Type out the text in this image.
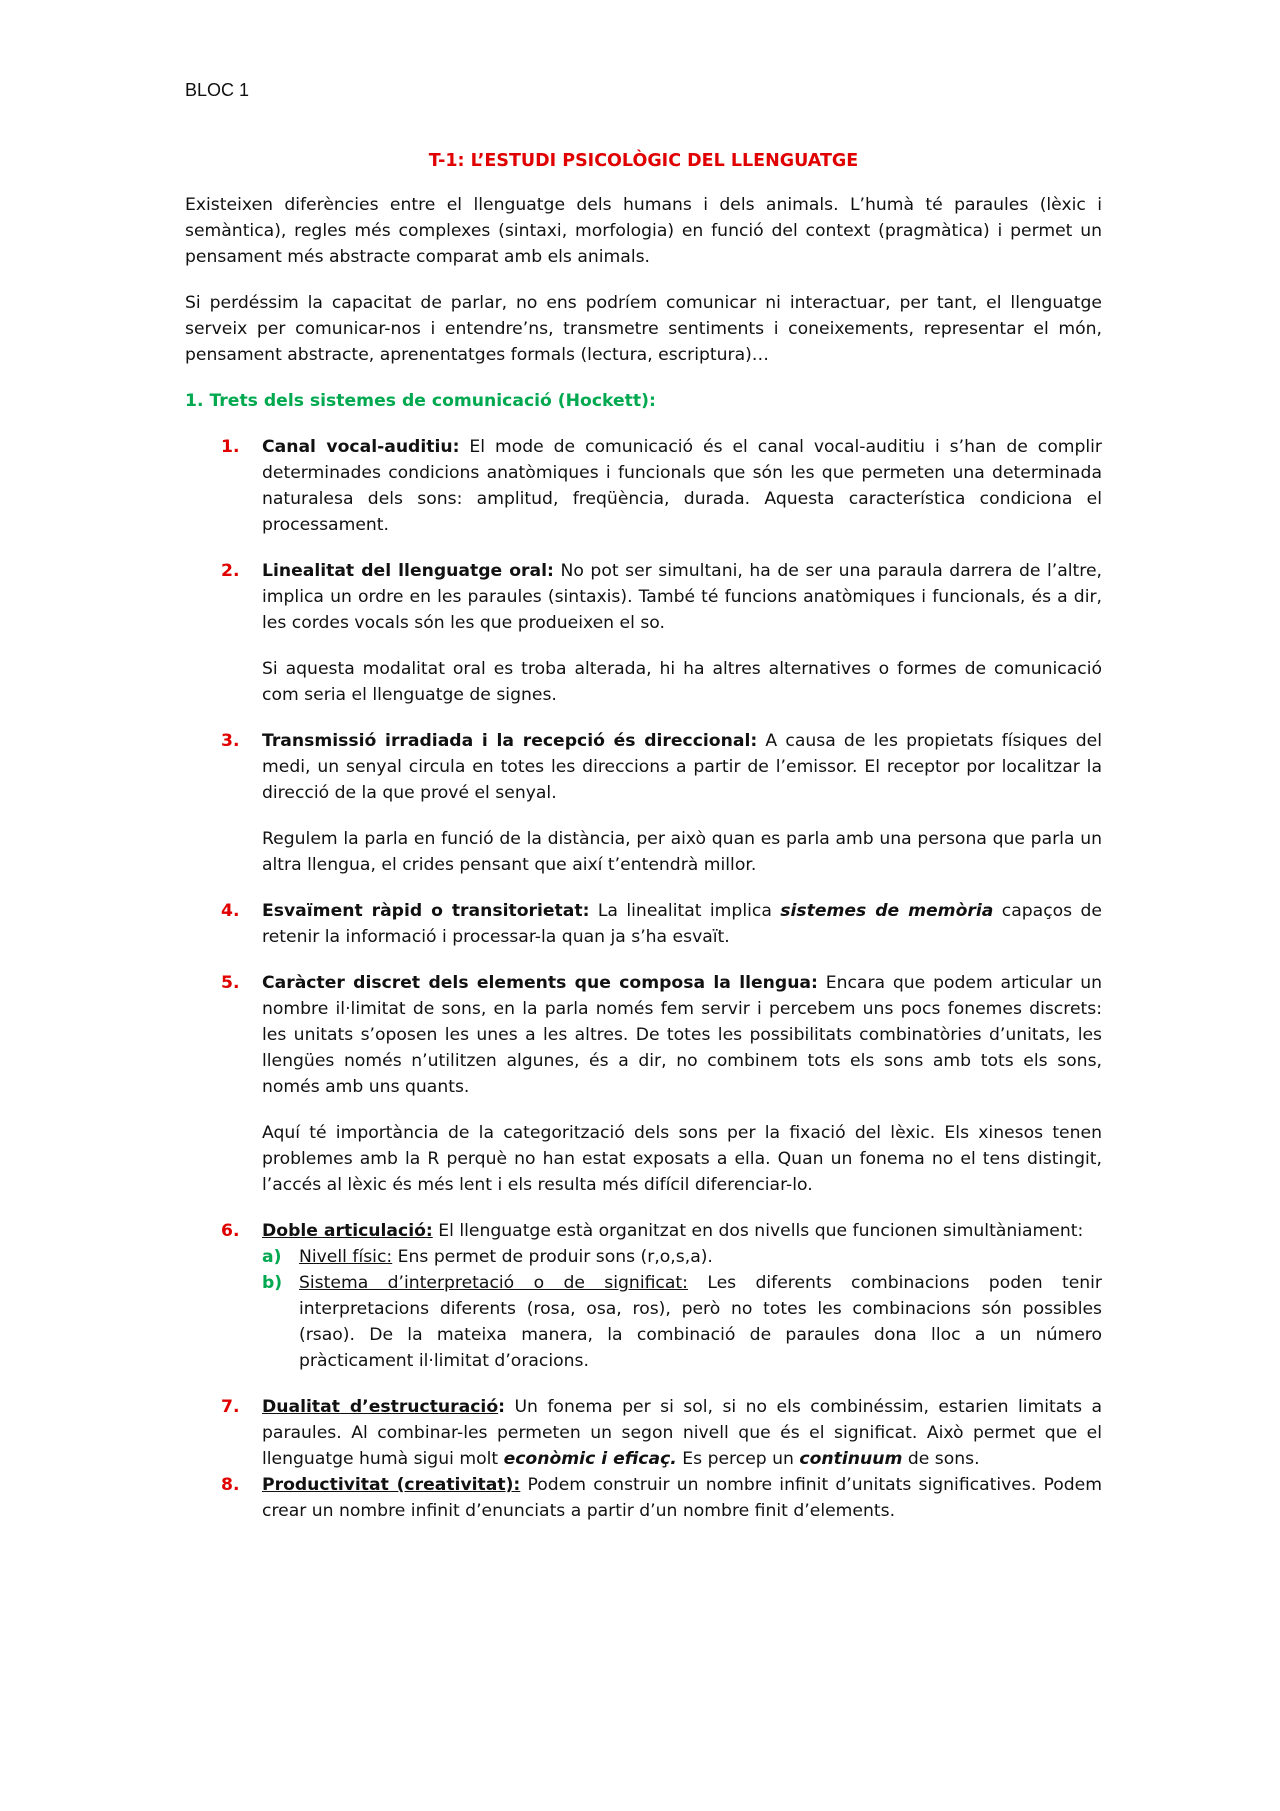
BLOC 1
T-1: L’ESTUDI PSICOLÒGIC DEL LLENGUATGE

Existeixen diferències entre el llenguatge dels humans i dels animals. L’humà té paraules (lèxic i semàntica), regles més complexes (sintaxi, morfologia) en funció del context (pragmàtica) i permet un pensament més abstracte comparat amb els animals.

Si perdéssim la capacitat de parlar, no ens podríem comunicar ni interactuar, per tant, el llenguatge serveix per comunicar-nos i entendre’ns, transmetre sentiments i coneixements, representar el món, pensament abstracte, aprenentatges formals (lectura, escriptura)…

1. Trets dels sistemes de comunicació (Hockett):
1. Canal vocal-auditiu: El mode de comunicació és el canal vocal-auditiu i s’han de complir determinades condicions anatòmiques i funcionals que són les que permeten una determinada naturalesa dels sons: amplitud, freqüència, durada. Aquesta característica condiciona el processament.

2. Linealitat del llenguatge oral: No pot ser simultani, ha de ser una paraula darrera de l’altre, implica un ordre en les paraules (sintaxis). També té funcions anatòmiques i funcionals, és a dir, les cordes vocals són les que produeixen el so.

Si aquesta modalitat oral es troba alterada, hi ha altres alternatives o formes de comunicació com seria el llenguatge de signes.

3. Transmissió irradiada i la recepció és direccional: A causa de les propietats físiques del medi, un senyal circula en totes les direccions a partir de l’emissor. El receptor por localitzar la direcció de la que prové el senyal.

Regulem la parla en funció de la distància, per això quan es parla amb una persona que parla un altra llengua, el crides pensant que així t’entendrà millor.

4. Esvaïment ràpid o transitorietat: La linealitat implica sistemes de memòria capaços de retenir la informació i processar-la quan ja s’ha esvaït.

5. Caràcter discret dels elements que composa la llengua: Encara que podem articular un nombre il·limitat de sons, en la parla només fem servir i percebem uns pocs fonemes discrets: les unitats s’oposen les unes a les altres. De totes les possibilitats combinatòries d’unitats, les llengües només n’utilitzen algunes, és a dir, no combinem tots els sons amb tots els sons, només amb uns quants.

Aquí té importància de la categorització dels sons per la fixació del lèxic. Els xinesos tenen problemes amb la R perquè no han estat exposats a ella. Quan un fonema no el tens distingit, l’accés al lèxic és més lent i els resulta més difícil diferenciar-lo.

6. Doble articulació: El llenguatge està organitzat en dos nivells que funcionen simultàniament:

a) Nivell físic: Ens permet de produir sons (r,o,s,a).

b) Sistema d’interpretació o de significat: Les diferents combinacions poden tenir interpretacions diferents (rosa, osa, ros), però no totes les combinacions són possibles (rsao). De la mateixa manera, la combinació de paraules dona lloc a un número pràcticament il·limitat d’oracions.

7. Dualitat d’estructuració: Un fonema per si sol, si no els combinéssim, estarien limitats a paraules. Al combinar-les permeten un segon nivell que és el significat. Això permet que el llenguatge humà sigui molt econòmic i eficaç. Es percep un continuum de sons.

8. Productivitat (creativitat): Podem construir un nombre infinit d’unitats significatives. Podem crear un nombre infinit d’enunciats a partir d’un nombre finit d’elements.
